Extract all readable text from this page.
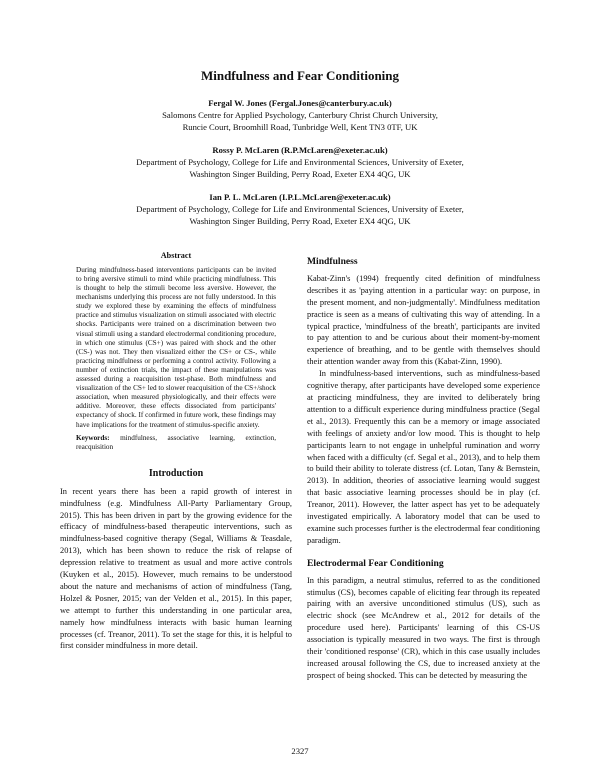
Mindfulness and Fear Conditioning
Fergal W. Jones (Fergal.Jones@canterbury.ac.uk)
Salomons Centre for Applied Psychology, Canterbury Christ Church University,
Runcie Court, Broomhill Road, Tunbridge Well, Kent TN3 0TF, UK
Rossy P. McLaren (R.P.McLaren@exeter.ac.uk)
Department of Psychology, College for Life and Environmental Sciences, University of Exeter,
Washington Singer Building, Perry Road, Exeter EX4 4QG, UK
Ian P. L. McLaren (I.P.L.McLaren@exeter.ac.uk)
Department of Psychology, College for Life and Environmental Sciences, University of Exeter,
Washington Singer Building, Perry Road, Exeter EX4 4QG, UK
Abstract

During mindfulness-based interventions participants can be invited to bring aversive stimuli to mind while practicing mindfulness. This is thought to help the stimuli become less aversive. However, the mechanisms underlying this process are not fully understood. In this study we explored these by examining the effects of mindfulness practice and stimulus visualization on stimuli associated with electric shocks. Participants were trained on a discrimination between two visual stimuli using a standard electrodermal conditioning procedure, in which one stimulus (CS+) was paired with shock and the other (CS-) was not. They then visualized either the CS+ or CS-, while practicing mindfulness or performing a control activity. Following a number of extinction trials, the impact of these manipulations was assessed during a reacquisition test-phase. Both mindfulness and visualization of the CS+ led to slower reacquisition of the CS+/shock association, when measured physiologically, and their effects were additive. Moreover, these effects dissociated from participants' expectancy of shock. If confirmed in future work, these findings may have implications for the treatment of stimulus-specific anxiety.

Keywords: mindfulness, associative learning, extinction, reacquisition

Introduction

In recent years there has been a rapid growth of interest in mindfulness (e.g. Mindfulness All-Party Parliamentary Group, 2015). This has been driven in part by the growing evidence for the efficacy of mindfulness-based therapeutic interventions, such as mindfulness-based cognitive therapy (Segal, Williams & Teasdale, 2013), which has been shown to reduce the risk of relapse of depression relative to treatment as usual and more active controls (Kuyken et al., 2015). However, much remains to be understood about the nature and mechanisms of action of mindfulness (Tang, Holzel & Posner, 2015; van der Velden et al., 2015). In this paper, we attempt to further this understanding in one particular area, namely how mindfulness interacts with basic human learning processes (cf. Treanor, 2011). To set the stage for this, it is helpful to first consider mindfulness in more detail.

Mindfulness

Kabat-Zinn's (1994) frequently cited definition of mindfulness describes it as 'paying attention in a particular way: on purpose, in the present moment, and non-judgmentally'. Mindfulness meditation practice is seen as a means of cultivating this way of attending. In a typical practice, 'mindfulness of the breath', participants are invited to pay attention to and be curious about their moment-by-moment experience of breathing, and to be gentle with themselves should their attention wander away from this (Kabat-Zinn, 1990).

In mindfulness-based interventions, such as mindfulness-based cognitive therapy, after participants have developed some experience at practicing mindfulness, they are invited to deliberately bring attention to a difficult experience during mindfulness practice (Segal et al., 2013). Frequently this can be a memory or image associated with feelings of anxiety and/or low mood. This is thought to help participants learn to not engage in unhelpful rumination and worry when faced with a difficulty (cf. Segal et al., 2013), and to help them to build their ability to tolerate distress (cf. Lotan, Tany & Bernstein, 2013). In addition, theories of associative learning would suggest that basic associative learning processes should be in play (cf. Treanor, 2011). However, the latter aspect has yet to be adequately investigated empirically. A laboratory model that can be used to examine such processes further is the electrodermal fear conditioning paradigm.

Electrodermal Fear Conditioning

In this paradigm, a neutral stimulus, referred to as the conditioned stimulus (CS), becomes capable of eliciting fear through its repeated pairing with an aversive unconditioned stimulus (US), such as electric shock (see McAndrew et al., 2012 for details of the procedure used here). Participants' learning of this CS-US association is typically measured in two ways. The first is through their 'conditioned response' (CR), which in this case usually includes increased arousal following the CS, due to increased anxiety at the prospect of being shocked. This can be detected by measuring the

2327
